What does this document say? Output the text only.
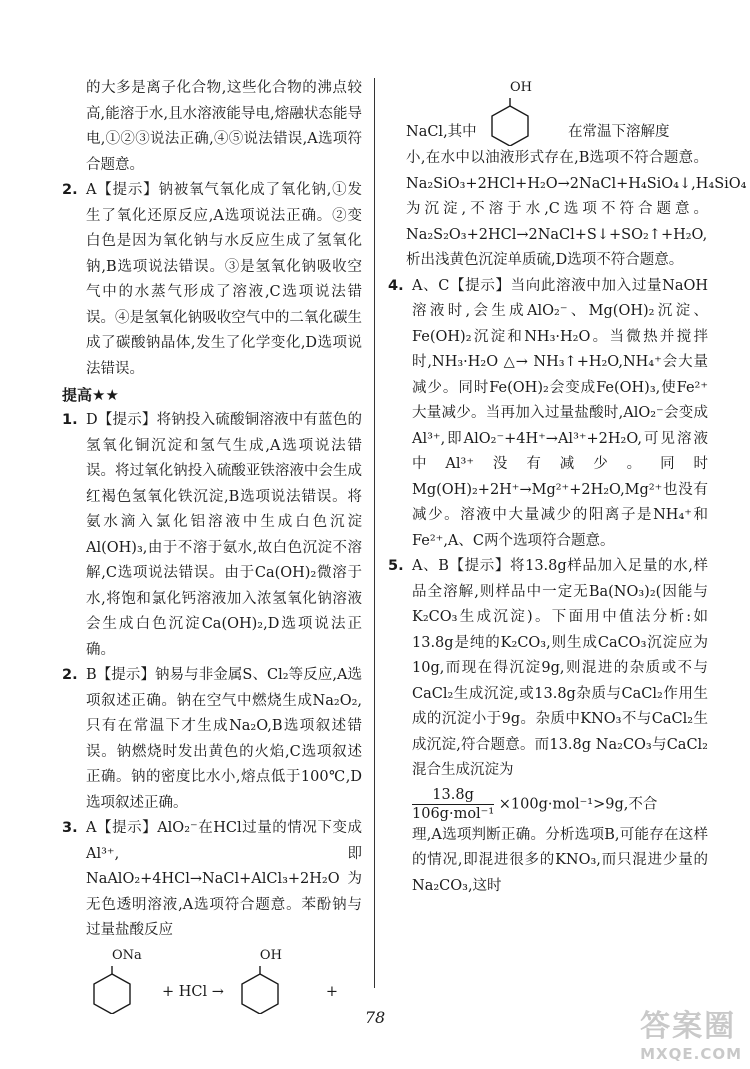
的大多是离子化合物,这些化合物的沸点较高,能溶于水,且水溶液能导电,熔融状态能导电,①②③说法正确,④⑤说法错误,A选项符合题意。

2. A【提示】钠被氧气氧化成了氧化钠,①发生了氧化还原反应,A选项说法正确。②变白色是因为氧化钠与水反应生成了氢氧化钠,B选项说法错误。③是氢氧化钠吸收空气中的水蒸气形成了溶液,C选项说法错误。④是氢氧化钠吸收空气中的二氧化碳生成了碳酸钠晶体,发生了化学变化,D选项说法错误。
提高★★
1. D【提示】将钠投入硫酸铜溶液中有蓝色的氢氧化铜沉淀和氢气生成,A选项说法错误。将过氧化钠投入硫酸亚铁溶液中会生成红褐色氢氧化铁沉淀,B选项说法错误。将氨水滴入氯化铝溶液中生成白色沉淀Al(OH)₃,由于不溶于氨水,故白色沉淀不溶解,C选项说法错误。由于Ca(OH)₂微溶于水,将饱和氯化钙溶液加入浓氢氧化钠溶液会生成白色沉淀Ca(OH)₂,D选项说法正确。
2. B【提示】钠易与非金属S、Cl₂等反应,A选项叙述正确。钠在空气中燃烧生成Na₂O₂,只有在常温下才生成Na₂O,B选项叙述错误。钠燃烧时发出黄色的火焰,C选项叙述正确。钠的密度比水小,熔点低于100℃,D选项叙述正确。
3. A【提示】AlO₂⁻在HCl过量的情况下变成Al³⁺,即NaAlO₂+4HCl→NaCl+AlCl₃+2H₂O为无色透明溶液,A选项符合题意。苯酚钠与过量盐酸反应
ONa
+ HCl →
OH
+
NaCl,其中
OH
在常温下溶解度

小,在水中以油液形式存在,B选项不符合题意。Na₂SiO₃+2HCl+H₂O→2NaCl+H₄SiO₄↓,H₄SiO₄为沉淀,不溶于水,C选项不符合题意。Na₂S₂O₃+2HCl→2NaCl+S↓+SO₂↑+H₂O,析出浅黄色沉淀单质硫,D选项不符合题意。

4. A、C【提示】当向此溶液中加入过量NaOH溶液时,会生成AlO₂⁻、Mg(OH)₂沉淀、Fe(OH)₂沉淀和NH₃·H₂O。当微热并搅拌时,NH₃·H₂O △→ NH₃↑+H₂O,NH₄⁺会大量减少。同时Fe(OH)₂会变成Fe(OH)₃,使Fe²⁺大量减少。当再加入过量盐酸时,AlO₂⁻会变成Al³⁺,即AlO₂⁻+4H⁺→Al³⁺+2H₂O,可见溶液中Al³⁺没有减少。同时Mg(OH)₂+2H⁺→Mg²⁺+2H₂O,Mg²⁺也没有减少。溶液中大量减少的阳离子是NH₄⁺和Fe²⁺,A、C两个选项符合题意。
5. A、B【提示】将13.8g样品加入足量的水,样品全溶解,则样品中一定无Ba(NO₃)₂(因能与K₂CO₃生成沉淀)。下面用中值法分析:如13.8g是纯的K₂CO₃,则生成CaCO₃沉淀应为10g,而现在得沉淀9g,则混进的杂质或不与CaCl₂生成沉淀,或13.8g杂质与CaCl₂作用生成的沉淀小于9g。杂质中KNO₃不与CaCl₂生成沉淀,符合题意。而13.8g Na₂CO₃与CaCl₂混合生成沉淀为
$\frac{13.8g}{\text{106g·mol⁻¹}} \times 100g\cdot mol^{-1}>9g$,不合
理,A选项判断正确。分析选项B,可能存在这样的情况,即混进很多的KNO₃,而只混进少量的Na₂CO₃,这时
78	答案圈
MXQE.COM
